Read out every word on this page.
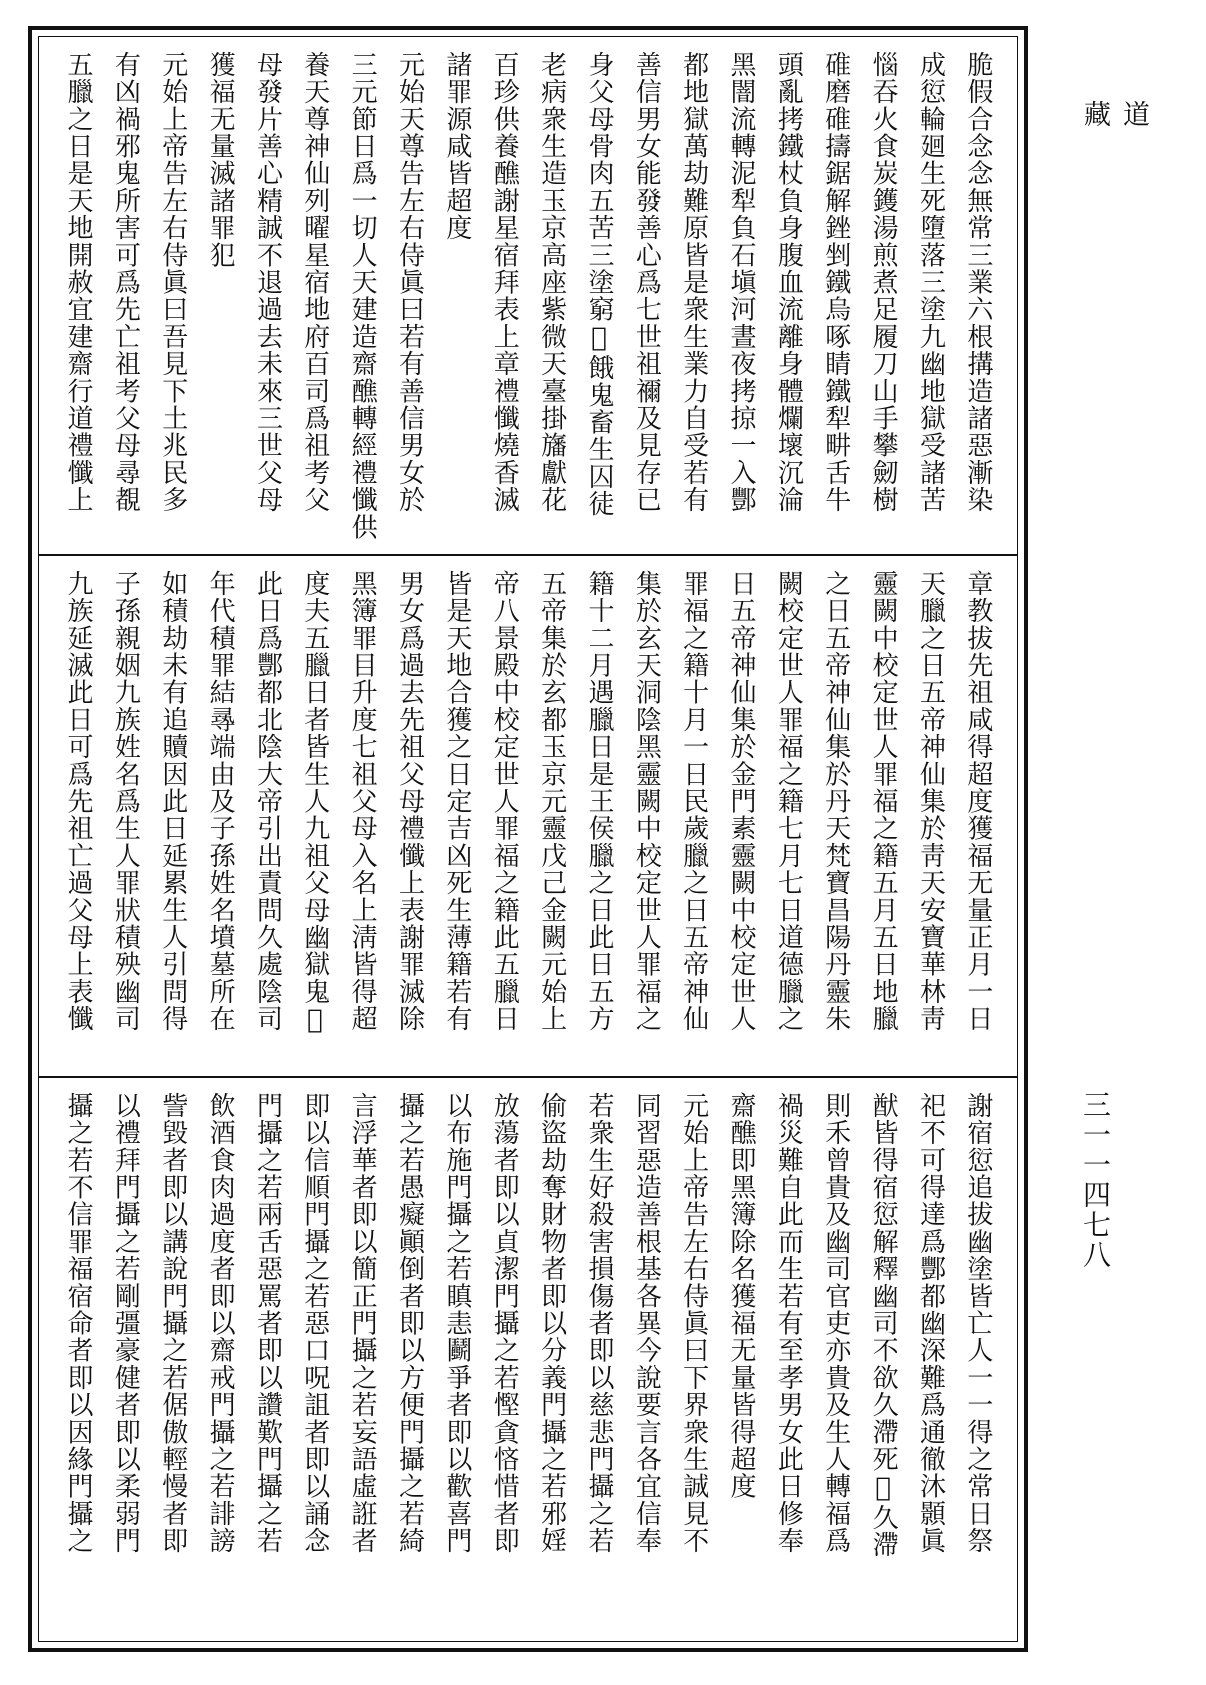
脆假合念念無常三業六根搆造諸惡漸染
成愆輪廻生死墮落三塗九幽地獄受諸苦
惱吞火食炭鑊湯煎煮足履刀山手攀劒樹
碓磨碓擣鋸解銼剉鐵烏啄睛鐵犁畊舌牛
頭亂拷鐵杖負身腹血流離身體爛壞沉淪
黑闇流轉泥犁負石塡河晝夜拷掠一入酆
都地獄萬劫難原皆是衆生業力自受若有
善信男女能發善心爲七世祖禰及見存已
身父母骨肉五苦三塗窮𥨊餓鬼畜生囚徒
老病衆生造玉京高座紫微天臺掛旛獻花
百珍供養醮謝星宿拜表上章禮懺燒香滅
諸罪源咸皆超度
元始天尊告左右侍眞曰若有善信男女於
三元節日爲一切人天建造齋醮轉經禮懺供
養天尊神仙列曜星宿地府百司爲祖考父
母發片善心精誠不退過去未來三世父母
獲福无量滅諸罪犯
元始上帝告左右侍眞曰吾見下土兆民多
有凶禍邪鬼所害可爲先亡祖考父母尋覩
五臘之日是天地開赦宜建齋行道禮懺上
章教拔先祖咸得超度獲福无量正月一日
天臘之日五帝神仙集於靑天安寶華林靑
靈闕中校定世人罪福之籍五月五日地臘
之日五帝神仙集於丹天梵寶昌陽丹靈朱
闕校定世人罪福之籍七月七日道德臘之
日五帝神仙集於金門素靈闕中校定世人
罪福之籍十月一日民歲臘之日五帝神仙
集於玄天洞陰黑靈闕中校定世人罪福之
籍十二月遇臘日是王侯臘之日此日五方
五帝集於玄都玉京元靈戊己金闕元始上
帝八景殿中校定世人罪福之籍此五臘日
皆是天地合獲之日定吉凶死生薄籍若有
男女爲過去先祖父母禮懺上表謝罪滅除
黑簿罪目升度七祖父母入名上淸皆得超
度夫五臘日者皆生人九祖父母幽獄鬼𥨊
此日爲酆都北陰大帝引出責問久處陰司
年代積罪結㝷端由及子孫姓名墳墓所在
如積劫未有追贖因此日延累生人引問得
子孫親姻九族姓名爲生人罪狀積殃幽司
九族延滅此日可爲先祖亡過父母上表懺
謝宿愆追拔幽塗皆亡人一一得之常日祭
祀不可得達爲酆都幽深難爲通徹沐顥眞
猷皆得宿愆解釋幽司不欲久滯死𥨊久滯
則禾曾貴及幽司官吏亦貴及生人轉福爲
禍災難自此而生若有至孝男女此日修奉
齋醮即黑簿除名獲福无量皆得超度
元始上帝告左右侍眞曰下界衆生誠見不
同習惡造善根基各異今說要言各宜信奉
若衆生好殺害損傷者即以慈悲門攝之若
偷盜劫奪財物者即以分義門攝之若邪婬
放蕩者即以貞潔門攝之若慳貪悋惜者即
以布施門攝之若瞋恚鬬爭者即以歡喜門
攝之若愚癡顚倒者即以方便門攝之若綺
言浮華者即以簡正門攝之若妄語虛誑者
即以信順門攝之若惡口呪詛者即以誦念
門攝之若兩舌惡罵者即以讚歎門攝之若
飲酒食肉過度者即以齋戒門攝之若誹謗
訾毀者即以講說門攝之若倨傲輕慢者即
以禮拜門攝之若剛彊豪健者即以柔弱門
攝之若不信罪福宿命者即以因緣門攝之
道
藏
三一一四七八
